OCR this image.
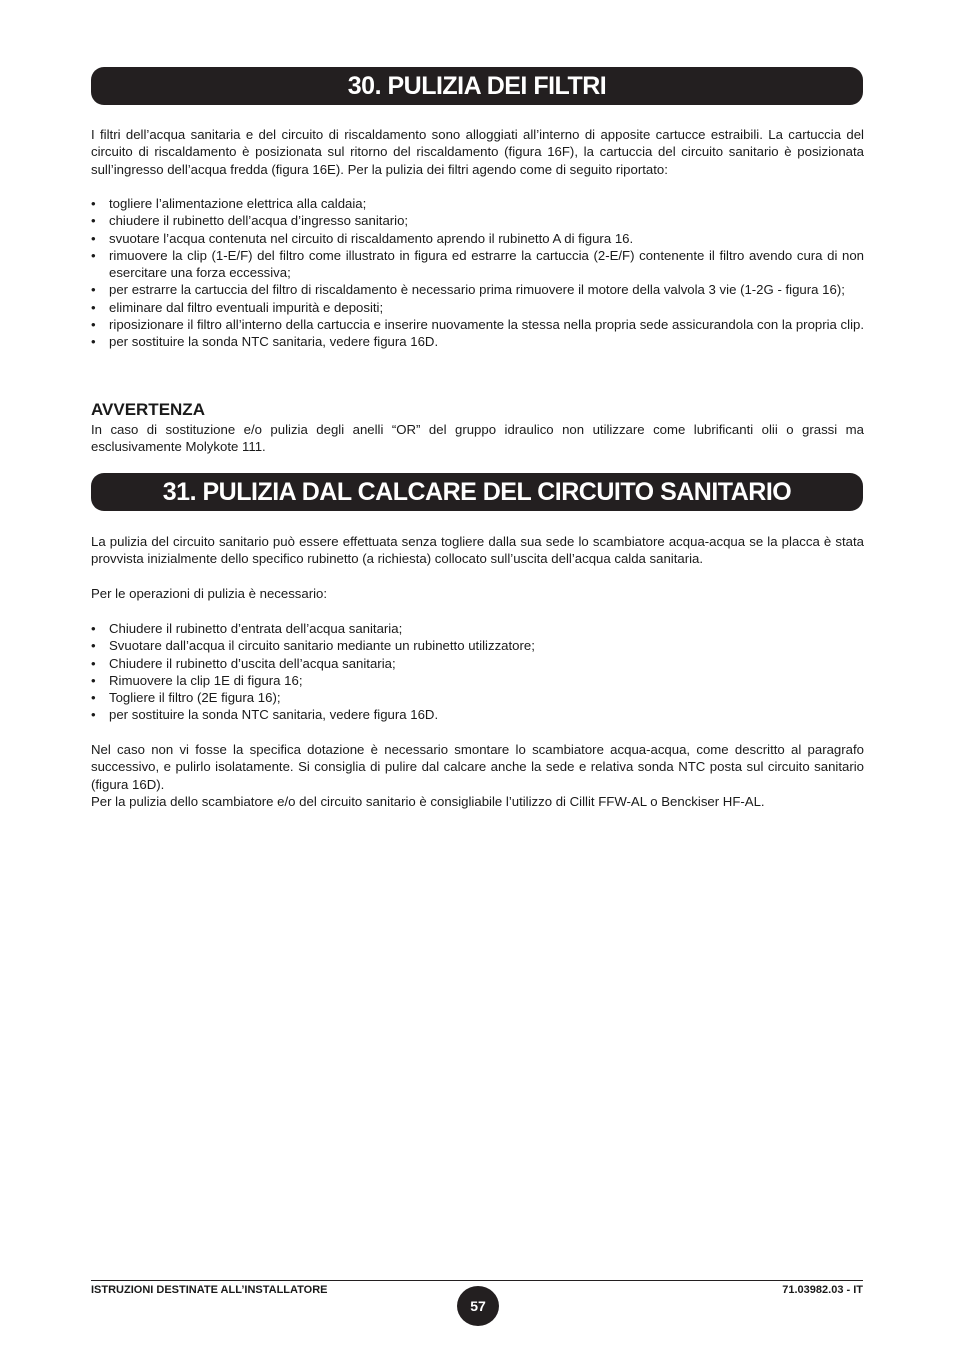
30. PULIZIA DEI FILTRI

I filtri dell’acqua sanitaria e del circuito di riscaldamento sono alloggiati all’interno di apposite cartucce estraibili. La cartuccia del circuito di riscaldamento è posizionata sul ritorno del riscaldamento (figura 16F), la cartuccia del circuito sanitario è posizionata sull’ingresso dell’acqua fredda (figura 16E). Per la pulizia dei filtri agendo come di seguito riportato:

• togliere l’alimentazione elettrica alla caldaia;
• chiudere il rubinetto dell’acqua d’ingresso sanitario;
• svuotare l’acqua contenuta nel circuito di riscaldamento aprendo il rubinetto A di figura 16.
• rimuovere la clip (1-E/F) del filtro come illustrato in figura ed estrarre la cartuccia (2-E/F) contenente il filtro avendo cura di non esercitare una forza eccessiva;
• per estrarre la cartuccia del filtro di riscaldamento è necessario prima rimuovere il motore della valvola 3 vie (1-2G - figura 16);
• eliminare dal filtro eventuali impurità e depositi;
• riposizionare il filtro all’interno della cartuccia e inserire nuovamente la stessa nella propria sede assicurandola con la propria clip.
• per sostituire la sonda NTC sanitaria, vedere figura 16D.
AVVERTENZA

In caso di sostituzione e/o pulizia degli anelli “OR” del gruppo idraulico non utilizzare come lubrificanti olii o grassi ma esclusivamente Molykote 111.

31. PULIZIA DAL CALCARE DEL CIRCUITO SANITARIO

La pulizia del circuito sanitario può essere effettuata senza togliere dalla sua sede lo scambiatore acqua-acqua se la placca è stata provvista inizialmente dello specifico rubinetto (a richiesta) collocato sull’uscita dell’acqua calda sanitaria.

Per le operazioni di pulizia è necessario:

• Chiudere il rubinetto d’entrata dell’acqua sanitaria;
• Svuotare dall’acqua il circuito sanitario mediante un rubinetto utilizzatore;
• Chiudere il rubinetto d’uscita dell’acqua sanitaria;
• Rimuovere la clip 1E di figura 16;
• Togliere il filtro (2E figura 16);
• per sostituire la sonda NTC sanitaria, vedere figura 16D.

Nel caso non vi fosse la specifica dotazione è necessario smontare lo scambiatore acqua-acqua, come descritto al paragrafo successivo, e pulirlo isolatamente. Si consiglia di pulire dal calcare anche la sede e relativa sonda NTC posta sul circuito sanitario (figura 16D).

Per la pulizia dello scambiatore e/o del circuito sanitario è consigliabile l’utilizzo di Cillit FFW-AL o Benckiser HF-AL.

ISTRUZIONI DESTINATE ALL’INSTALLATORE
57
71.03982.03 - IT
